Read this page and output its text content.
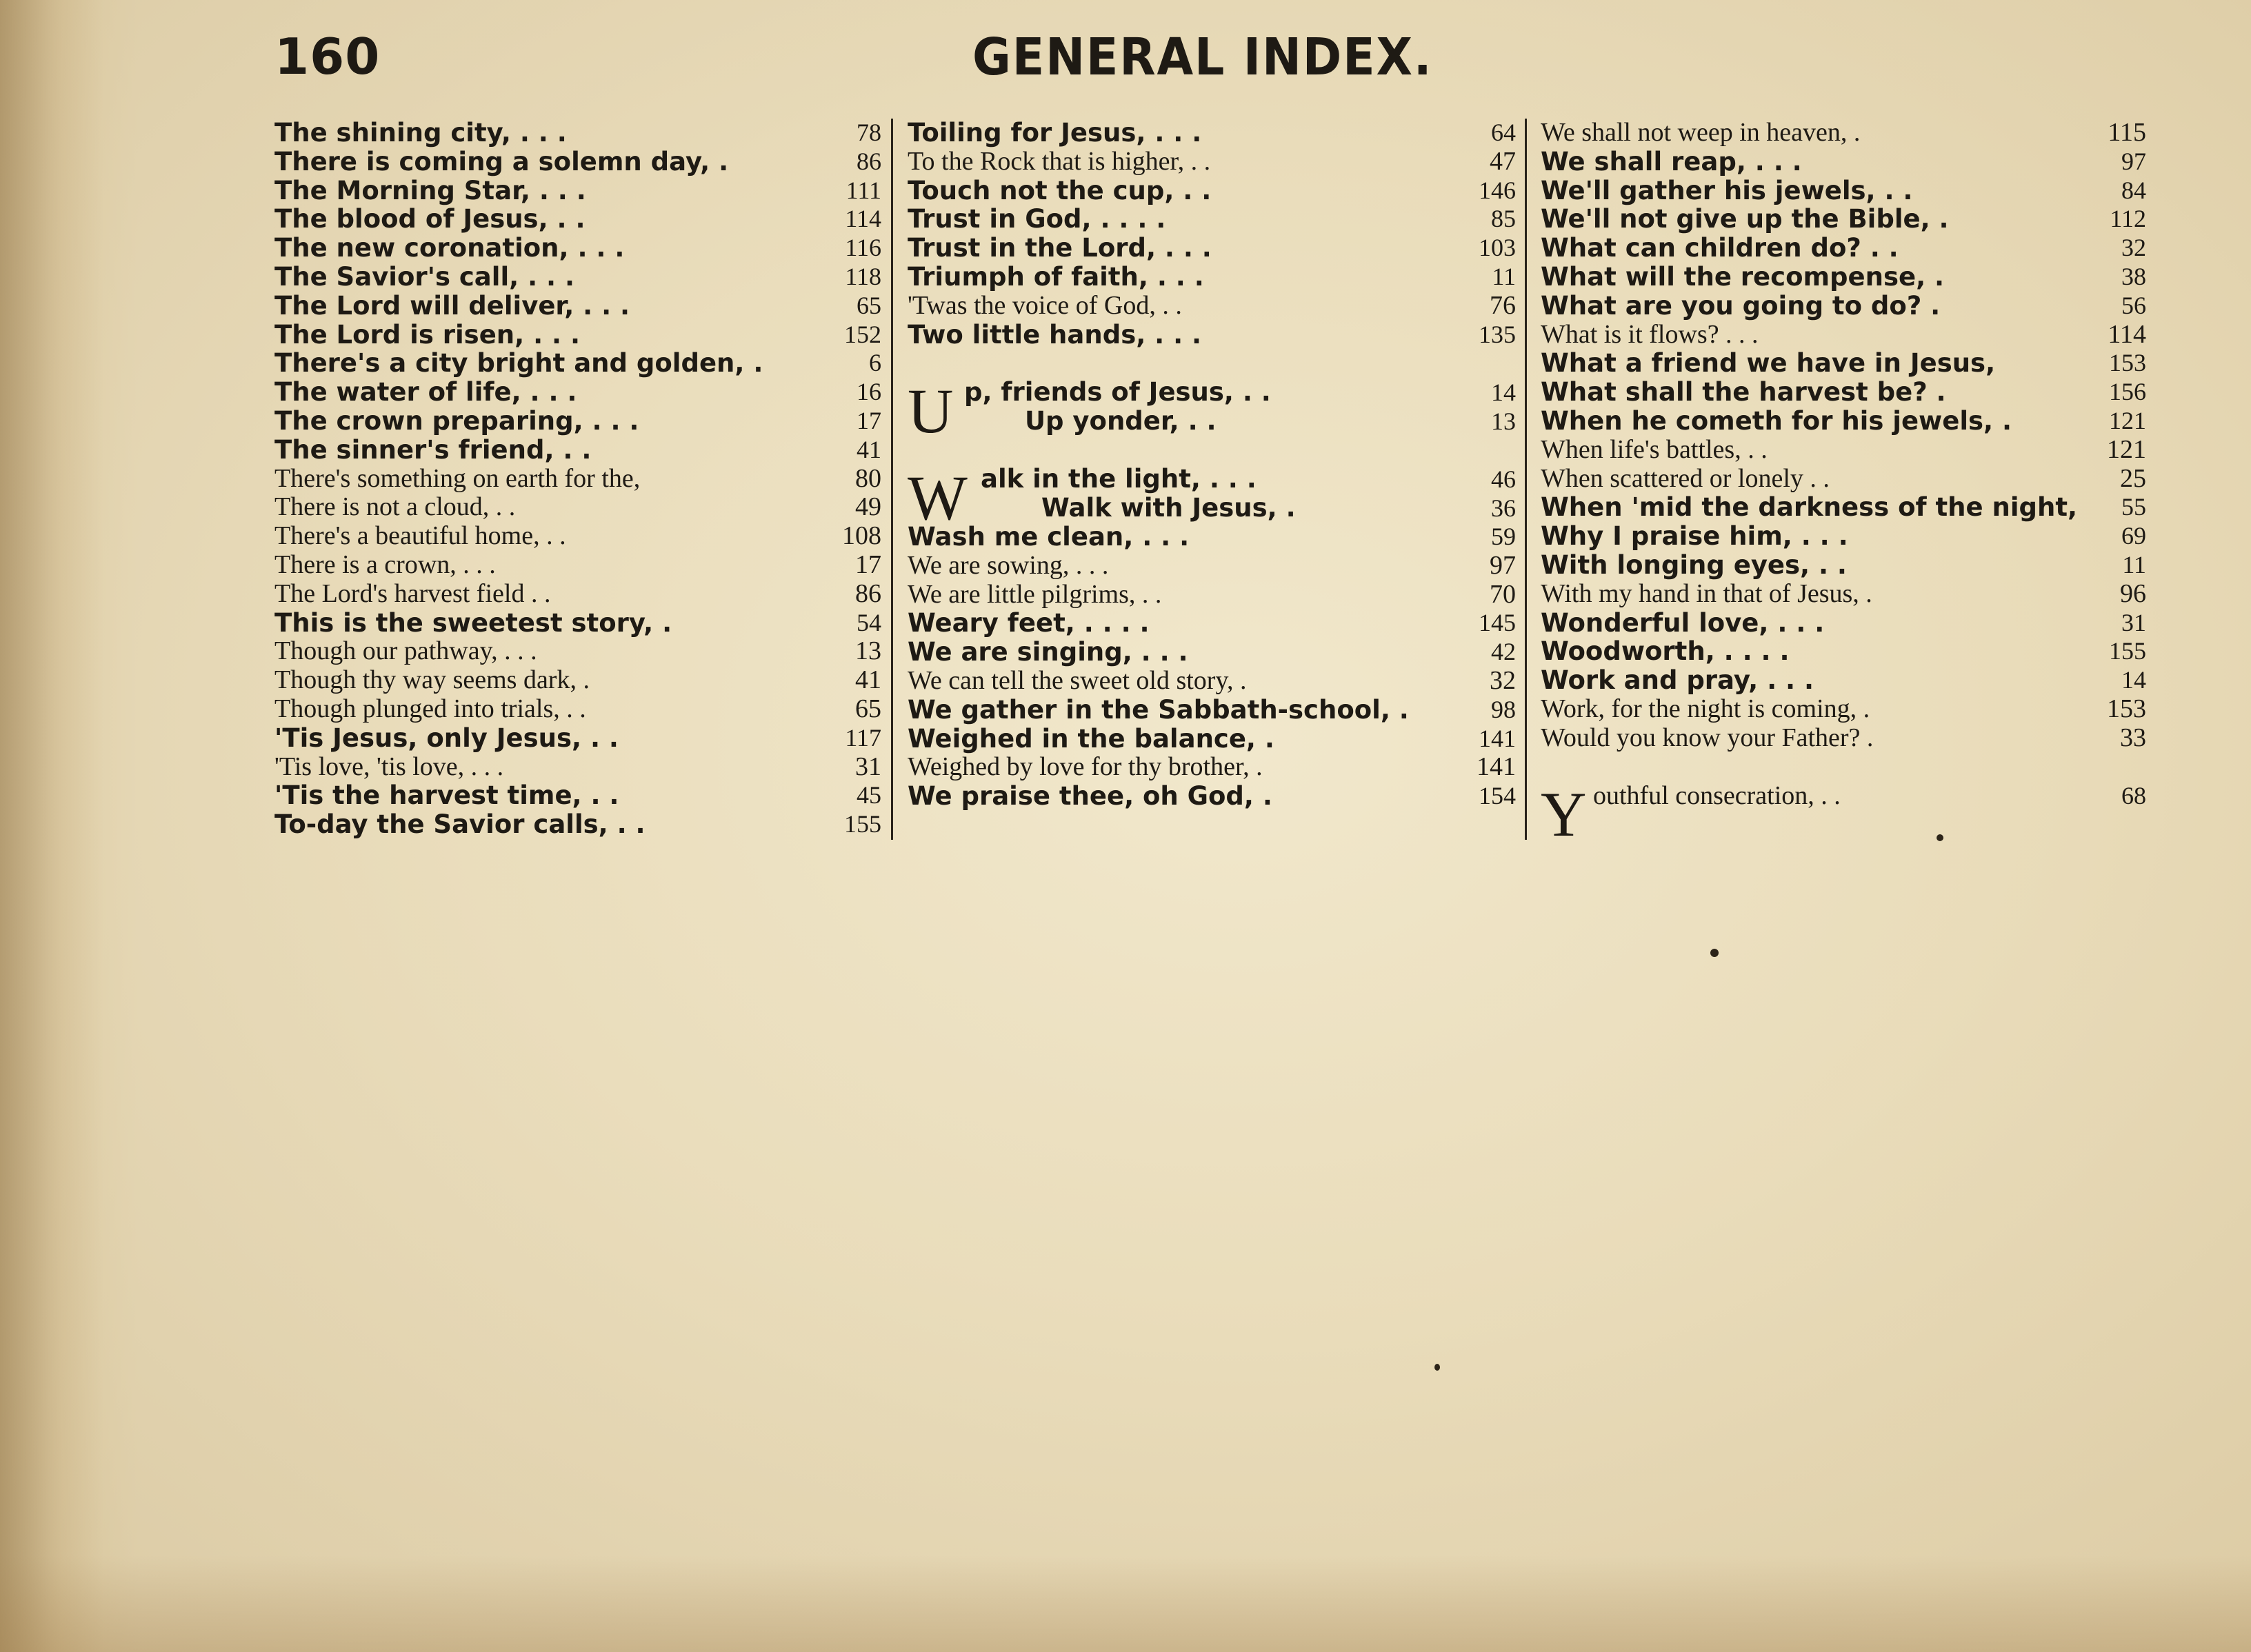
160	GENERAL INDEX.
The shining city, . . .	78
There is coming a solemn day, .	86
The Morning Star, . . .	111
The blood of Jesus, . .	114
The new coronation, . . .	116
The Savior's call, . . .	118
The Lord will deliver, . . .	65
The Lord is risen, . . .	152
There's a city bright and golden, .	6
The water of life, . . .	16
The crown preparing, . . .	17
The sinner's friend, . .	41
There's something on earth for the,	80
There is not a cloud, . .	49
There's a beautiful home, . .	108
There is a crown, . . .	17
The Lord's harvest field . .	86
This is the sweetest story, .	54
Though our pathway, . . .	13
Though thy way seems dark, .	41
Though plunged into trials, . .	65
'Tis Jesus, only Jesus, . .	117
'Tis love, 'tis love, . . .	31
'Tis the harvest time, . .	45
To-day the Savior calls, . .	155
Toiling for Jesus, . . .	64
To the Rock that is higher, . .	47
Touch not the cup, . .	146
Trust in God, . . . .	85
Trust in the Lord, . . .	103
Triumph of faith, . . .	11
'Twas the voice of God, . .	76
Two little hands, . . .	135
U p, friends of Jesus, . .	14
Up yonder, . .	13
W alk in the light, . . .	46
Walk with Jesus, .	36
Wash me clean, . . .	59
We are sowing, . . .	97
We are little pilgrims, . .	70
Weary feet, . . . .	145
We are singing, . . .	42
We can tell the sweet old story, .	32
We gather in the Sabbath-school, .	98
Weighed in the balance, .	141
Weighed by love for thy brother, .	141
We praise thee, oh God, .	154
We shall not weep in heaven, .	115
We shall reap, . . .	97
We'll gather his jewels, . .	84
We'll not give up the Bible, .	112
What can children do? . .	32
What will the recompense, .	38
What are you going to do? .	56
What is it flows? . . .	114
What a friend we have in Jesus,	153
What shall the harvest be? .	156
When he cometh for his jewels, .	121
When life's battles, . .	121
When scattered or lonely . .	25
When 'mid the darkness of the night, 55
Why I praise him, . . .	69
With longing eyes, . .	11
With my hand in that of Jesus, .	96
Wonderful love, . . .	31
Woodworth, . . . .	155
Work and pray, . . .	14
Work, for the night is coming, .	153
Would you know your Father? .	33
Y outhful consecration, . .	68
